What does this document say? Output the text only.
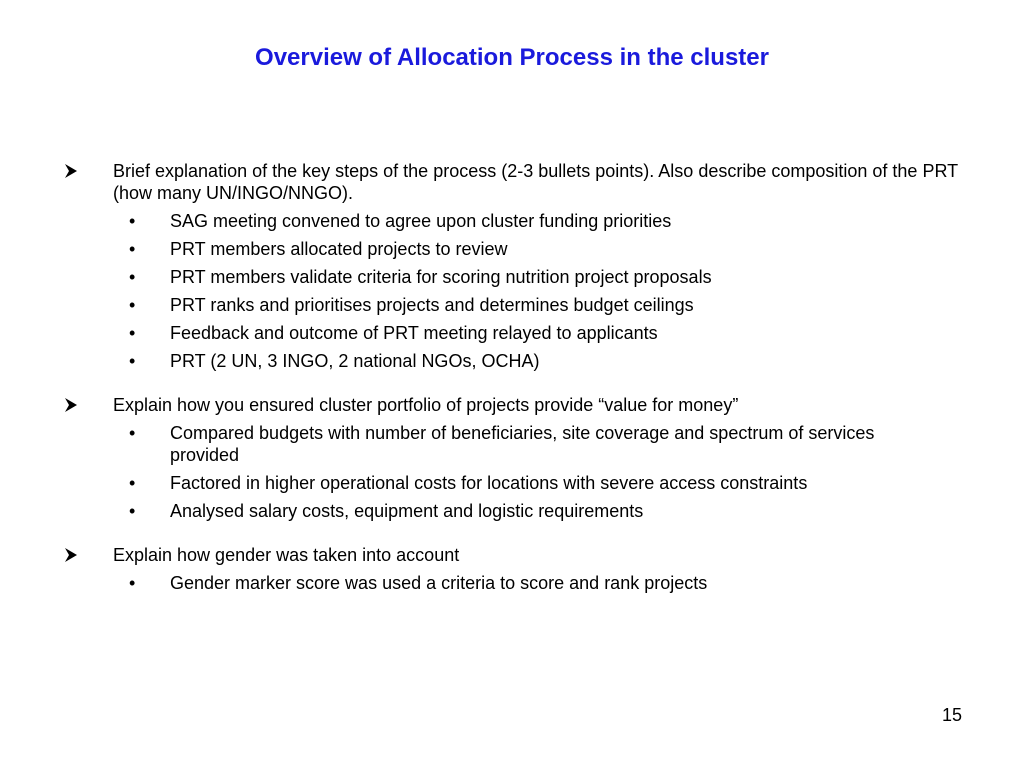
Overview of Allocation Process in the cluster
Brief explanation of the key steps of the process (2-3 bullets points). Also describe composition of the PRT (how many UN/INGO/NNGO).
• SAG meeting convened to agree upon cluster funding priorities
• PRT members allocated projects to review
• PRT members validate criteria for scoring nutrition project proposals
• PRT ranks and prioritises projects and determines budget ceilings
• Feedback and outcome of PRT meeting relayed to applicants
• PRT (2 UN, 3 INGO, 2 national NGOs, OCHA)
Explain how you ensured cluster portfolio of projects provide “value for money”
• Compared budgets with number of beneficiaries, site coverage and spectrum of services provided
• Factored in higher operational costs for locations with severe access constraints
• Analysed salary costs, equipment and logistic requirements
Explain how gender was taken into account
• Gender marker score was used a criteria to score and rank projects
15
